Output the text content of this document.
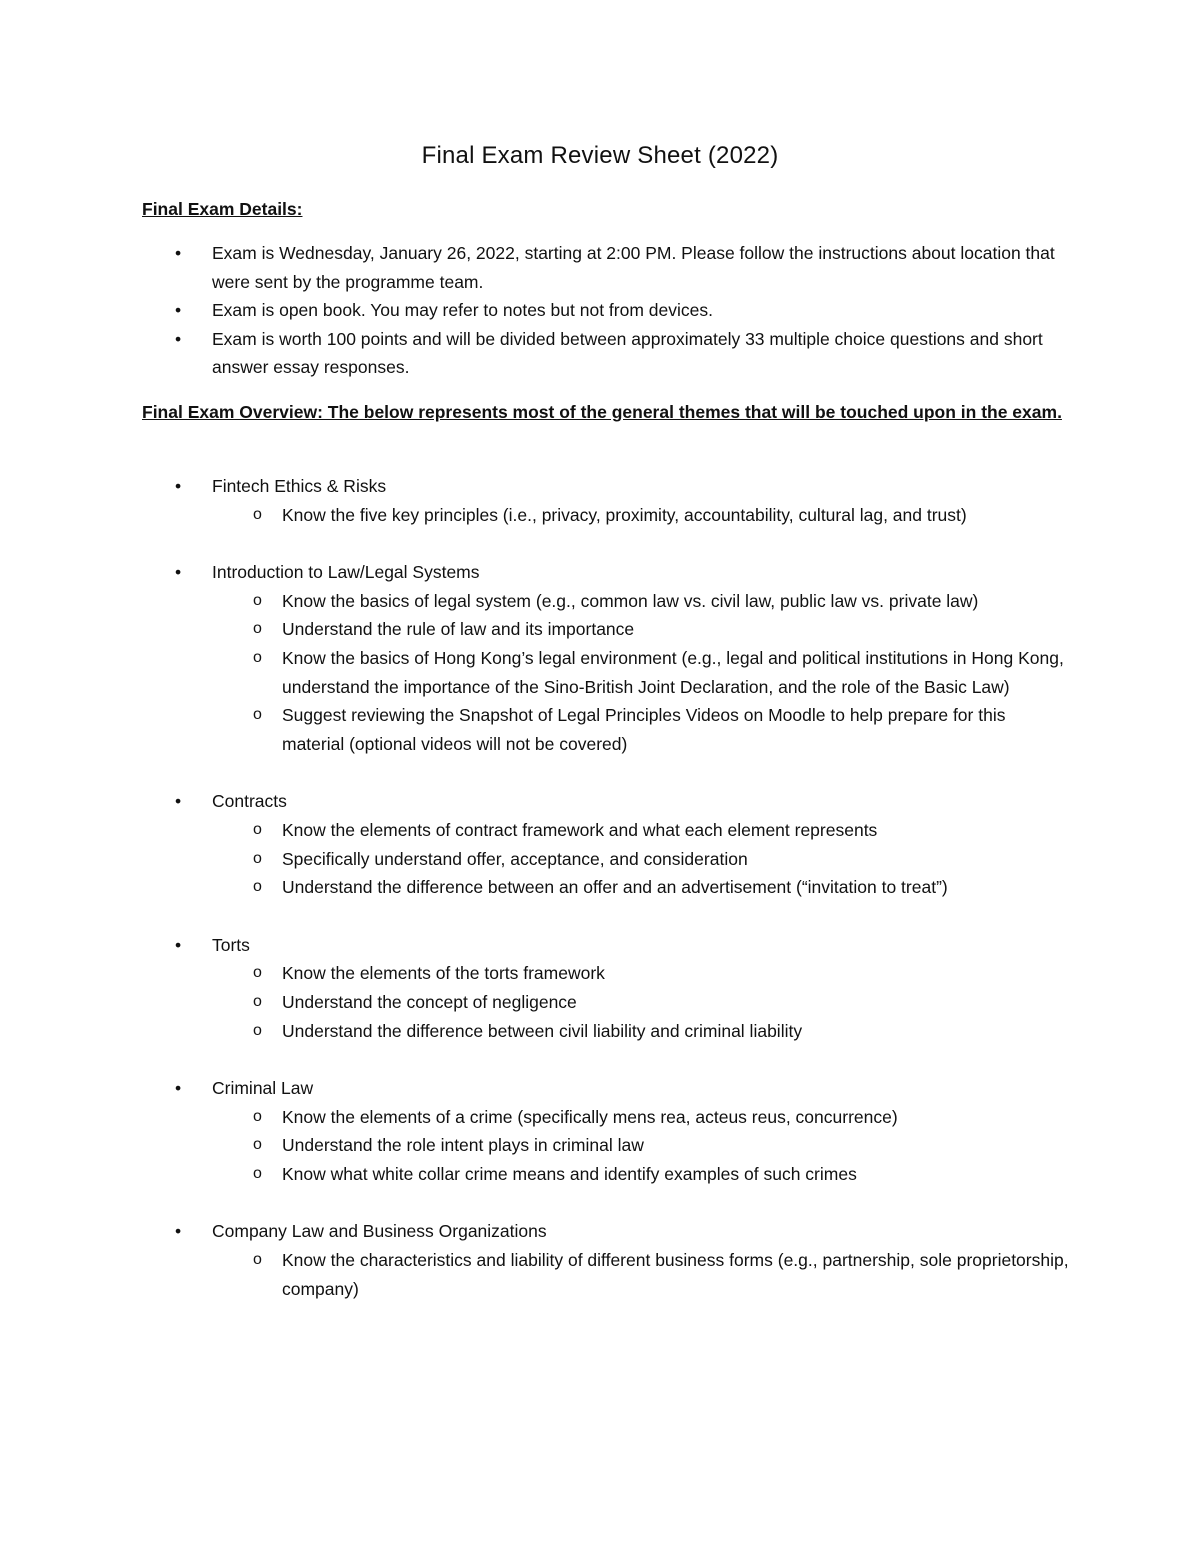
Final Exam Review Sheet (2022)
Final Exam Details:
• Exam is Wednesday, January 26, 2022, starting at 2:00 PM. Please follow the instructions about location that were sent by the programme team.
• Exam is open book. You may refer to notes but not from devices.
• Exam is worth 100 points and will be divided between approximately 33 multiple choice questions and short answer essay responses.
Final Exam Overview: The below represents most of the general themes that will be touched upon in the exam.
• Fintech Ethics & Risks
o Know the five key principles (i.e., privacy, proximity, accountability, cultural lag, and trust)
• Introduction to Law/Legal Systems
o Know the basics of legal system (e.g., common law vs. civil law, public law vs. private law)
o Understand the rule of law and its importance
o Know the basics of Hong Kong’s legal environment (e.g., legal and political institutions in Hong Kong, understand the importance of the Sino-British Joint Declaration, and the role of the Basic Law)
o Suggest reviewing the Snapshot of Legal Principles Videos on Moodle to help prepare for this material (optional videos will not be covered)
• Contracts
o Know the elements of contract framework and what each element represents
o Specifically understand offer, acceptance, and consideration
o Understand the difference between an offer and an advertisement (“invitation to treat”)
• Torts
o Know the elements of the torts framework
o Understand the concept of negligence
o Understand the difference between civil liability and criminal liability
• Criminal Law
o Know the elements of a crime (specifically mens rea, acteus reus, concurrence)
o Understand the role intent plays in criminal law
o Know what white collar crime means and identify examples of such crimes
• Company Law and Business Organizations
o Know the characteristics and liability of different business forms (e.g., partnership, sole proprietorship, company)
